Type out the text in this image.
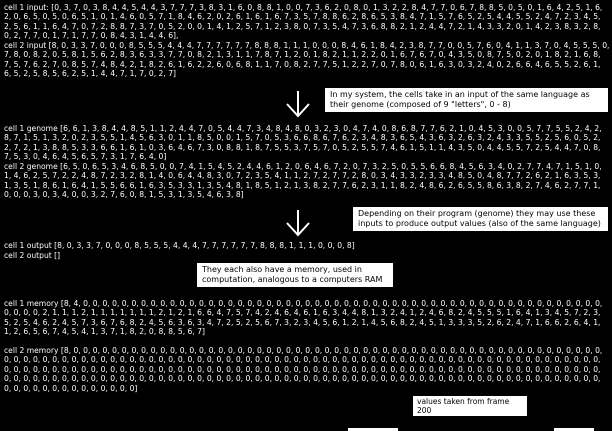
cell 1 input: [0, 3, 7, 0, 3, 8, 4, 4, 5, 4, 4, 3, 7, 7, 7, 3, 8, 3, 1, 6, 0, 8, 8, 1, 0, 0, 7, 3, 6, 2, 0, 8, 0, 1, 3, 2, 2, 8, 4, 7, 7, 0, 6, 7, 8, 8, 5, 0, 5, 0, 1, 6, 4, 2, 5, 1, 6, 2, 0, 6, 5, 0, 5, 0, 6, 5, 1, 0, 1, 4, 6, 0, 5, 7, 1, 8, 4, 6, 2, 0, 2, 6, 1, 6, 1, 6, 7, 3, 5, 7, 8, 8, 6, 2, 8, 6, 5, 3, 8, 4, 7, 1, 5, 7, 6, 5, 2, 5, 4, 4, 5, 5, 2, 4, 7, 2, 3, 4, 5, 2, 5, 6, 1, 1, 6, 4, 7, 0, 7, 2, 8, 8, 7, 3, 7, 0, 5, 2, 0, 0, 1, 4, 1, 2, 5, 7, 1, 2, 3, 8, 0, 7, 3, 5, 4, 7, 3, 6, 8, 8, 2, 1, 2, 4, 4, 7, 2, 1, 4, 3, 3, 2, 0, 1, 4, 2, 3, 8, 3, 2, 8, 0, 2, 7, 7, 0, 1, 7, 1, 7, 7, 0, 8, 4, 3, 1, 4, 4, 6],
cell 2 input [8, 0, 3, 3, 7, 0, 0, 0, 8, 5, 5, 5, 4, 4, 4, 7, 7, 7, 7, 7, 7, 8, 8, 8, 1, 1, 1, 0, 0, 0, 8, 4, 6, 1, 8, 4, 2, 3, 8, 7, 7, 0, 0, 5, 7, 6, 0, 4, 1, 1, 3, 7, 0, 4, 5, 5, 5, 0, 7, 8, 0, 8, 2, 0, 5, 8, 1, 5, 6, 2, 8, 3, 6, 3, 3, 7, 7, 0, 8, 2, 1, 3, 1, 1, 7, 8, 7, 1, 2, 0, 1, 8, 2, 1, 1, 2, 2, 0, 1, 6, 7, 6, 7, 0, 4, 3, 5, 0, 8, 7, 5, 0, 2, 0, 1, 8, 2, 1, 6, 8, 7, 5, 7, 6, 2, 7, 0, 8, 5, 7, 4, 8, 4, 2, 1, 8, 2, 6, 1, 6, 2, 2, 6, 0, 6, 8, 1, 1, 7, 0, 8, 2, 7, 7, 5, 1, 2, 2, 7, 0, 7, 8, 0, 6, 1, 6, 3, 0, 3, 2, 4, 0, 2, 6, 6, 4, 6, 5, 5, 2, 6, 1, 6, 5, 2, 5, 8, 5, 6, 2, 5, 1, 4, 4, 7, 1, 7, 0, 2, 7]
In my system, the cells take in an input of the same language as their genome (composed of 9 "letters", 0 - 8)
cell 1 genome [6, 6, 1, 3, 8, 4, 4, 8, 5, 1, 1, 2, 4, 4, 7, 0, 5, 4, 4, 7, 3, 4, 8, 4, 8, 0, 3, 2, 3, 0, 4, 7, 4, 0, 8, 6, 8, 7, 7, 6, 2, 1, 0, 4, 5, 3, 0, 0, 5, 7, 7, 5, 5, 2, 4, 2, 8, 7, 1, 5, 1, 3, 2, 0, 2, 3, 5, 5, 1, 4, 5, 6, 3, 0, 1, 1, 8, 5, 0, 0, 1, 5, 7, 0, 5, 3, 6, 6, 8, 6, 7, 6, 2, 3, 4, 8, 3, 6, 5, 4, 3, 6, 3, 2, 6, 3, 2, 4, 3, 3, 5, 5, 2, 5, 6, 0, 5, 2, 2, 7, 2, 1, 3, 8, 8, 5, 3, 3, 6, 6, 1, 6, 1, 0, 3, 6, 4, 6, 7, 3, 0, 8, 8, 1, 8, 7, 5, 5, 3, 7, 5, 7, 0, 5, 2, 5, 5, 7, 4, 6, 1, 5, 1, 1, 4, 3, 5, 0, 4, 4, 5, 5, 7, 2, 5, 4, 4, 7, 0, 8, 7, 5, 3, 0, 4, 6, 4, 5, 6, 5, 7, 3, 1, 7, 6, 4, 0]
cell 2 genome [6, 5, 0, 6, 5, 3, 4, 6, 8, 5, 0, 0, 7, 4, 1, 5, 4, 5, 2, 4, 4, 6, 1, 2, 0, 6, 4, 6, 7, 2, 0, 7, 3, 2, 5, 0, 5, 5, 6, 6, 8, 4, 5, 6, 3, 4, 0, 2, 7, 7, 4, 7, 1, 5, 1, 0, 1, 4, 6, 2, 5, 7, 2, 2, 4, 8, 7, 2, 3, 2, 8, 1, 4, 0, 6, 4, 4, 8, 3, 0, 7, 2, 3, 5, 4, 1, 1, 2, 7, 2, 7, 7, 2, 8, 0, 3, 4, 3, 3, 2, 3, 3, 4, 8, 5, 0, 4, 8, 7, 7, 2, 6, 2, 1, 6, 3, 5, 3, 1, 3, 5, 1, 8, 6, 1, 6, 4, 1, 5, 5, 6, 6, 1, 6, 3, 5, 3, 3, 1, 3, 5, 4, 8, 1, 8, 5, 1, 2, 1, 3, 8, 2, 7, 7, 6, 2, 3, 1, 1, 8, 2, 4, 8, 6, 2, 6, 5, 5, 8, 6, 3, 8, 2, 7, 4, 6, 2, 7, 7, 1, 0, 0, 0, 3, 0, 3, 4, 0, 0, 3, 2, 7, 6, 0, 8, 1, 5, 3, 1, 3, 5, 4, 6, 3, 8]
Depending on their program (genome) they may use these inputs to produce output values (also of the same language)
cell 1 output [8, 0, 3, 3, 7, 0, 0, 0, 8, 5, 5, 5, 4, 4, 4, 7, 7, 7, 7, 7, 7, 8, 8, 8, 1, 1, 1, 0, 0, 0, 8]
cell 2 output []
They each also have a memory, used in computation, analogous to a computers RAM
cell 1 memory [8, 4, 0, 0, 0, 0, 0, 0, 0, 0, 0, 0, 0, 0, 0, 0, 0, 0, 0, 0, 0, 0, 0, 0, 0, 0, 0, 0, 0, 0, 0, 0, 0, 0, 0, 0, 0, 0, 0, 0, 0, 0, 0, 0, 0, 0, 0, 0, 0, 0, 0, 0, 0, 0, 0, 0, 0, 0, 0, 0, 2, 1, 1, 1, 2, 1, 1, 1, 1, 1, 1, 1, 2, 1, 2, 1, 6, 6, 4, 7, 5, 7, 4, 2, 4, 6, 4, 6, 1, 6, 3, 4, 4, 8, 1, 3, 2, 4, 1, 2, 4, 6, 8, 2, 4, 5, 5, 5, 1, 6, 4, 1, 3, 4, 5, 7, 2, 3, 5, 2, 5, 4, 6, 2, 4, 5, 7, 3, 6, 7, 6, 8, 2, 4, 5, 6, 3, 6, 3, 4, 7, 2, 5, 2, 5, 6, 7, 3, 2, 3, 4, 5, 6, 1, 2, 1, 4, 5, 6, 8, 2, 4, 5, 1, 3, 3, 3, 5, 2, 6, 2, 4, 7, 1, 6, 6, 2, 6, 4, 1, 1, 2, 6, 5, 6, 7, 4, 5, 4, 1, 3, 7, 1, 8, 2, 0, 8, 8, 5, 6, 7]
cell 2 memory [8, 0, 0, 0, 0, 0, 0, 0, 0, 0, 0, 0, 0, 0, 0, 0, 0, 0, 0, 0, 0, 0, 0, 0, 0, 0, 0, 0, 0, 0, 0, 0, 0, 0, 0, 0, 0, 0, 0, 0, 0, 0, 0, 0, 0, 0, 0, 0, 0, 0, 0, 0, 0, 0, 0, 0, 0, 0, 0, 0, 0, 0, 0, 0, 0, 0, 0, 0, 0, 0, 0, 0, 0, 0, 0, 0, 0, 0, 0, 0, 0, 0, 0, 0, 0, 0, 0, 0, 0, 0, 0, 0, 0, 0, 0, 0, 0, 0, 0, 0, 0, 0, 0, 0, 0, 0, 0, 0, 0, 0, 0, 0, 0, 0, 0, 0, 0, 0, 0, 0, 0, 0, 0, 0, 0, 0, 0, 0, 0, 0, 0, 0, 0, 0, 0, 0, 0, 0, 0, 0, 0, 0, 0, 0, 0, 0, 0, 0, 0, 0, 0, 0, 0, 0, 0, 0, 0, 0, 0, 0, 0, 0, 0, 0, 0, 0, 0, 0, 0, 0, 0, 0, 0, 0, 0, 0, 0, 0, 0, 0, 0, 0, 0, 0, 0, 0, 0, 0, 0, 0, 0, 0, 0, 0, 0, 0, 0, 0, 0, 0, 0, 0, 0, 0, 0, 0, 0, 0, 0, 0, 0, 0, 0, 0, 0, 0, 0, 0, 0, 0, 0, 0, 0, 0, 0, 0, 0, 0, 0, 0, 0, 0, 0, 0, 0, 0, 0, 0, 0, 0, 0, 0, 0, 0, 0, 0, 0, 0, 0, 0, 0, 0, 0, 0, 0, 0]
values taken from frame 200
